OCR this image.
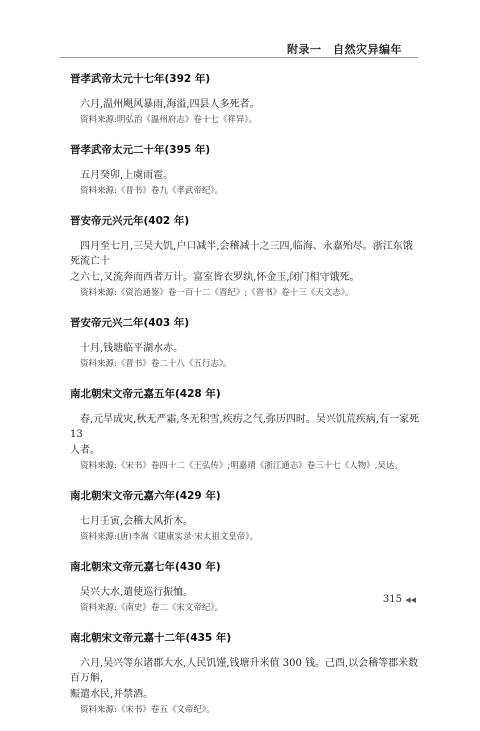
附录一　自然灾异编年
晋孝武帝太元十七年(392 年)
六月,温州飓风暴雨,海溢,四县人多死者。
资料来源:明弘治《温州府志》卷十七《祥异》。
晋孝武帝太元二十年(395 年)
五月癸卯,上虞雨雹。
资料来源:《晋书》卷九《孝武帝纪》。
晋安帝元兴元年(402 年)
四月至七月,三吴大饥,户口减半,会稽减十之三四,临海、永嘉殆尽。浙江东饿死流亡十
之六七,又流奔而西者万计。富室皆衣罗纨,怀金玉,闭门相守饿死。
资料来源:《资治通鉴》卷一百十二《晋纪》;《晋书》卷十三《天文志》。
晋安帝元兴二年(403 年)
十月,钱塘临平湖水赤。
资料来源:《晋书》卷二十八《五行志》。
南北朝宋文帝元嘉五年(428 年)
春,元旱成灾,秋无严霜,冬无积雪,疾疠之气,弥历四时。吴兴饥荒疾病,有一家死 13
人者。
资料来源:《宋书》卷四十二《王弘传》;明嘉靖《浙江通志》卷三十七《人物》,吴达。
南北朝宋文帝元嘉六年(429 年)
七月壬寅,会稽大风折木。
资料来源:(唐)李嵩《建康实录·宋太祖文皇帝》。
南北朝宋文帝元嘉七年(430 年)
吴兴大水,遣使巡行振恤。
资料来源:《南史》卷二《宋文帝纪》。
南北朝宋文帝元嘉十二年(435 年)
六月,吴兴等东诸郡大水,人民饥馑,钱塘升米值 300 钱。己酉,以会稽等郡米数百万斛,
赈遣水民,并禁酒。
资料来源:《宋书》卷五《文帝纪》。
315 ◀◀
